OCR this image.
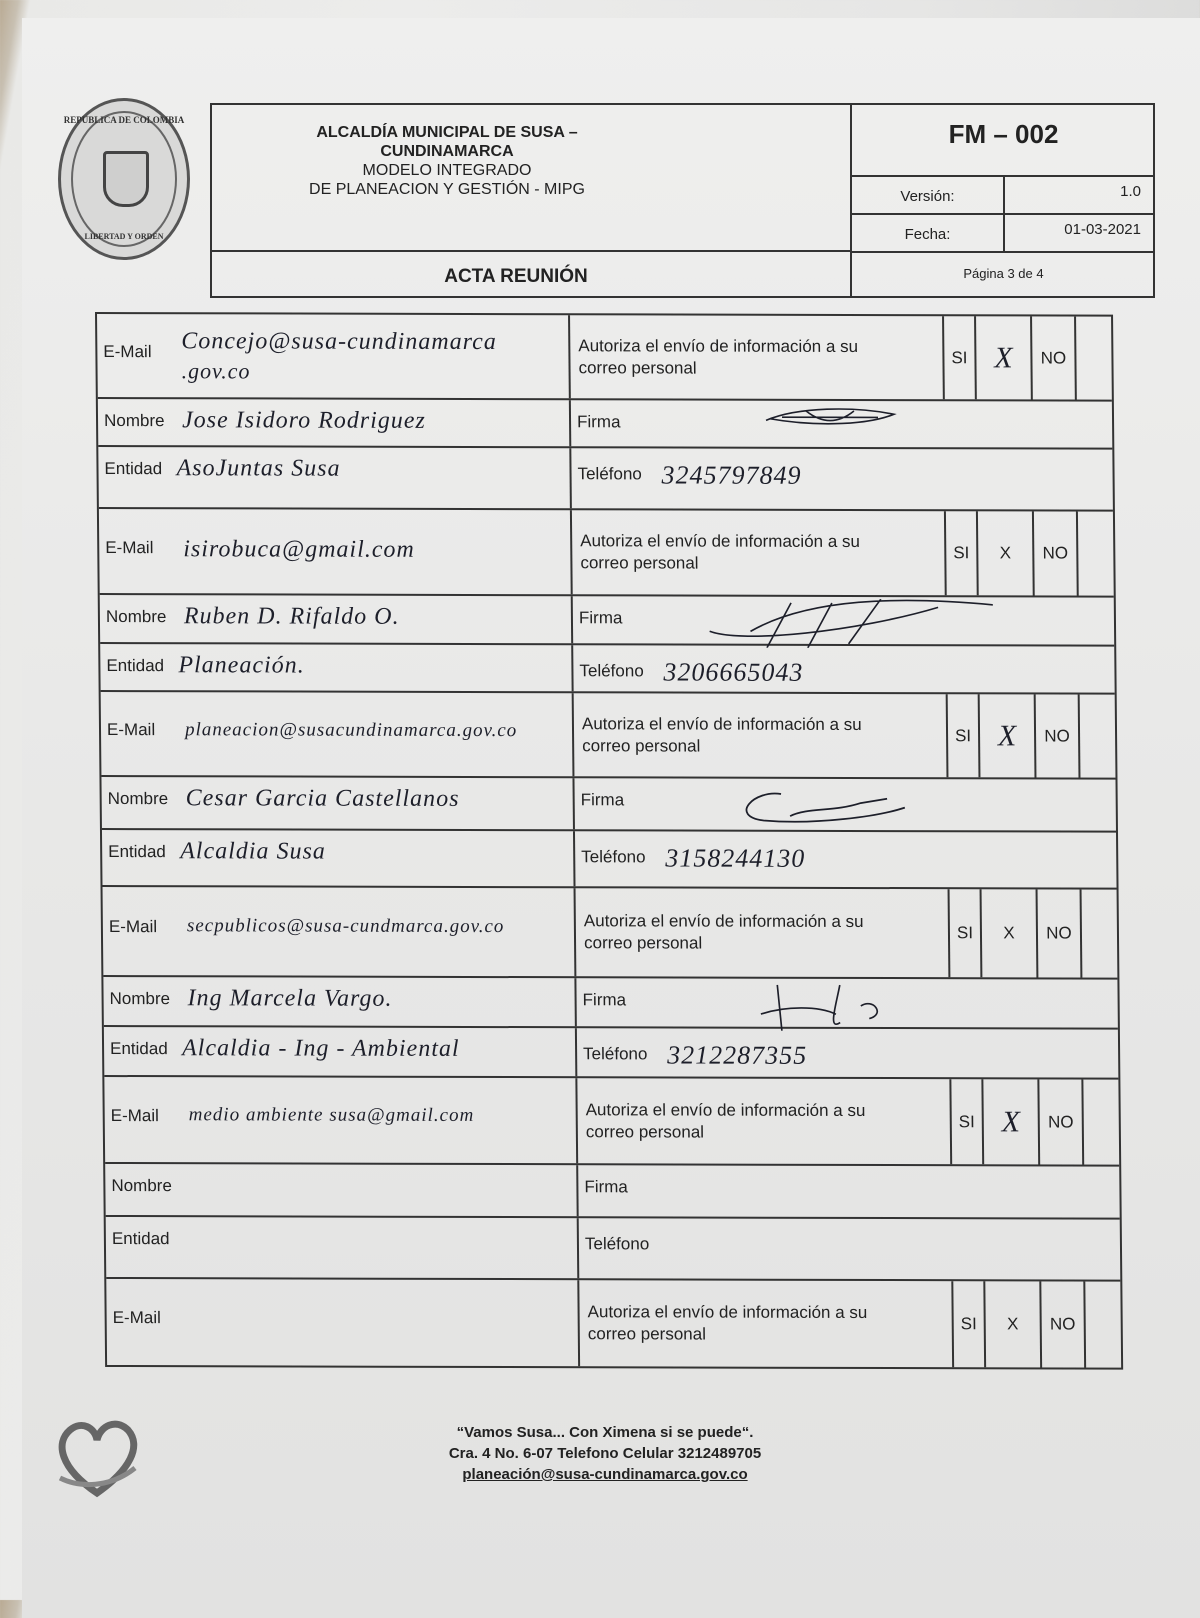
REPUBLICA DE COLOMBIA
LIBERTAD Y ORDEN
ALCALDÍA MUNICIPAL DE SUSA –
CUNDINAMARCA
MODELO INTEGRADO
DE PLANEACION Y GESTIÓN - MIPG
ACTA REUNIÓN
FM – 002
Versión:	1.0
Fecha:	01-03-2021
Página 3 de 4
E-Mail Concejo@susa-cundinamarca
.gov.co
Autoriza el envío de información a su
correo personal
SI X	NO
Nombre Jose Isidoro Rodriguez	Firma
Entidad AsoJuntas Susa	Teléfono 3245797849
E-Mail isirobuca@gmail.com	Autoriza el envío de información a su
correo personal
SI	X	NO
Nombre Ruben D. Rifaldo O.	Firma
Entidad Planeación.	Teléfono 3206665043
E-Mail planeacion@susacundinamarca.gov.co	Autoriza el envío de información a su
correo personal
SI X	NO
Nombre Cesar Garcia Castellanos	Firma
Entidad Alcaldia Susa	Teléfono 3158244130
E-Mail secpublicos@susa-cundmarca.gov.co	Autoriza el envío de información a su
correo personal
SI	X	NO
Nombre Ing Marcela Vargo.	Firma
Entidad Alcaldia - Ing - Ambiental	Teléfono 3212287355
E-Mail medio ambiente susa@gmail.com	Autoriza el envío de información a su
correo personal
SI X	NO
Nombre	Firma
Entidad	Teléfono
E-Mail	Autoriza el envío de información a su
correo personal
SI	X	NO
“Vamos Susa... Con Ximena si se puede“.
Cra. 4 No. 6-07 Telefono Celular 3212489705
planeación@susa-cundinamarca.gov.co
